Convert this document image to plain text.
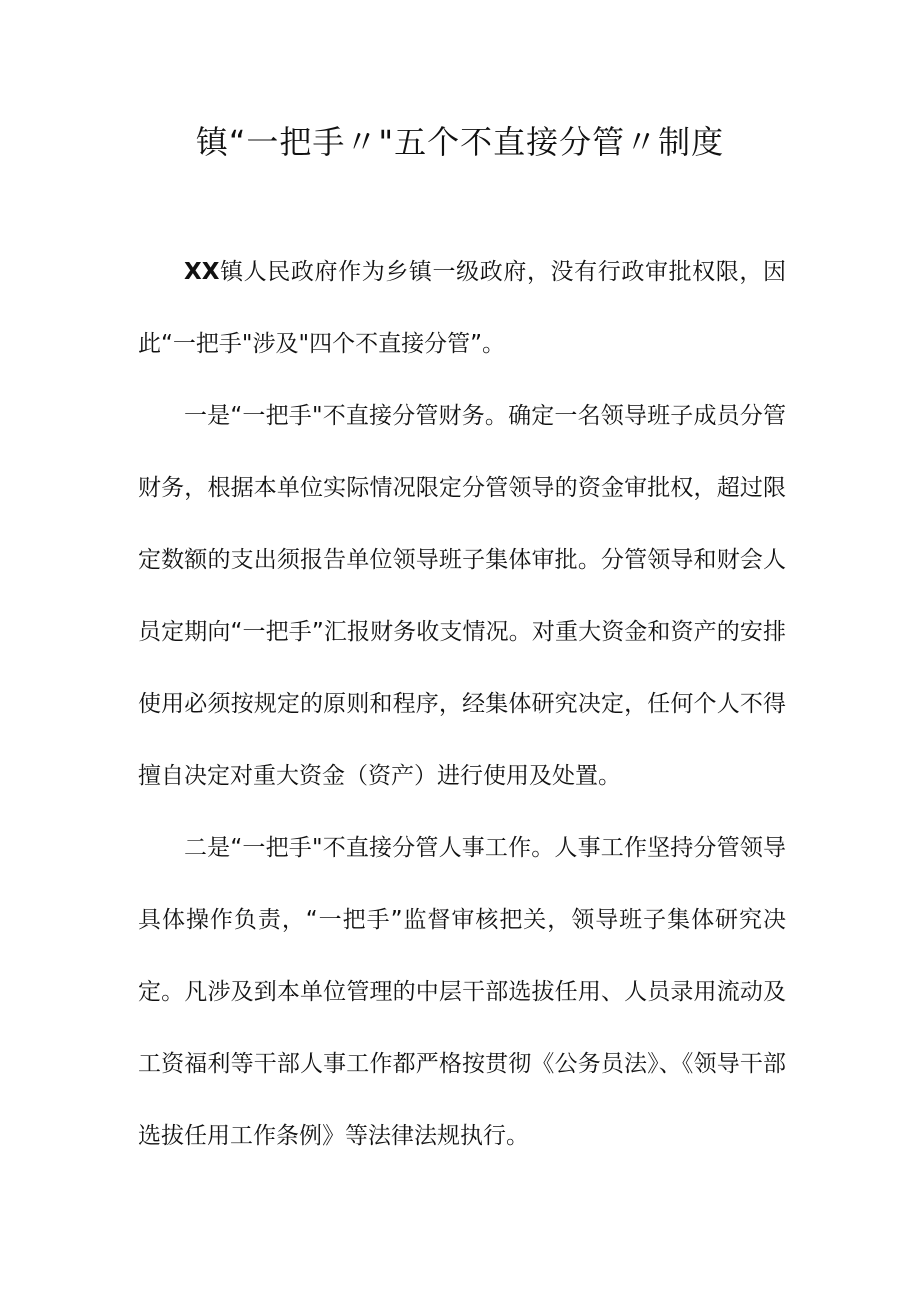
镇“一把手〃"五个不直接分管〃制度

XX镇人民政府作为乡镇一级政府，没有行政审批权限，因此“一把手"涉及"四个不直接分管”。

一是“一把手"不直接分管财务。确定一名领导班子成员分管财务，根据本单位实际情况限定分管领导的资金审批权，超过限定数额的支出须报告单位领导班子集体审批。分管领导和财会人员定期向“一把手”汇报财务收支情况。对重大资金和资产的安排使用必须按规定的原则和程序，经集体研究决定，任何个人不得擅自决定对重大资金（资产）进行使用及处置。

二是“一把手"不直接分管人事工作。人事工作坚持分管领导具体操作负责，“一把手”监督审核把关，领导班子集体研究决定。凡涉及到本单位管理的中层干部选拔任用、人员录用流动及工资福利等干部人事工作都严格按贯彻《公务员法》、《领导干部选拔任用工作条例》等法律法规执行。
